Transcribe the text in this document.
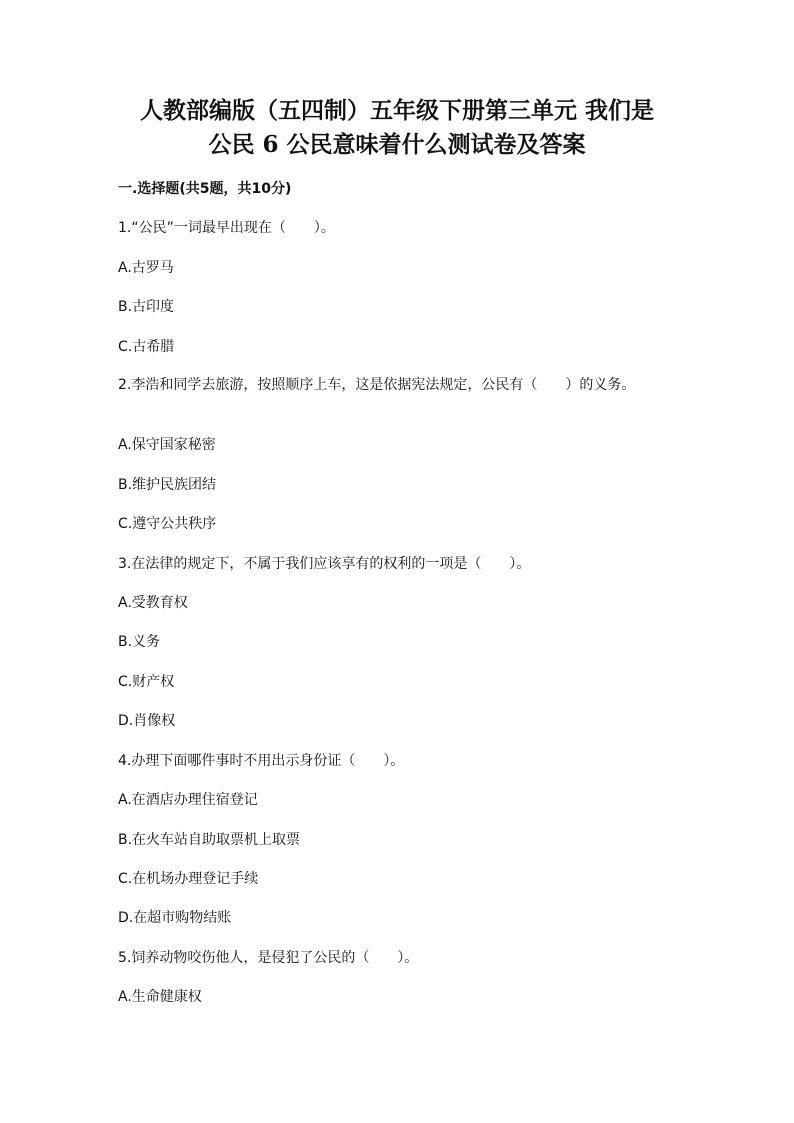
人教部编版（五四制）五年级下册第三单元 我们是
公民 6 公民意味着什么测试卷及答案
一.选择题(共5题，共10分)
1.“公民”一词最早出现在（　　）。
A.古罗马
B.古印度
C.古希腊
2.李浩和同学去旅游，按照顺序上车，这是依据宪法规定，公民有（　　）的义务。
A.保守国家秘密
B.维护民族团结
C.遵守公共秩序
3.在法律的规定下，不属于我们应该享有的权利的一项是（　　）。
A.受教育权
B.义务
C.财产权
D.肖像权
4.办理下面哪件事时不用出示身份证（　　）。
A.在酒店办理住宿登记
B.在火车站自助取票机上取票
C.在机场办理登记手续
D.在超市购物结账
5.饲养动物咬伤他人，是侵犯了公民的（　　）。
A.生命健康权
